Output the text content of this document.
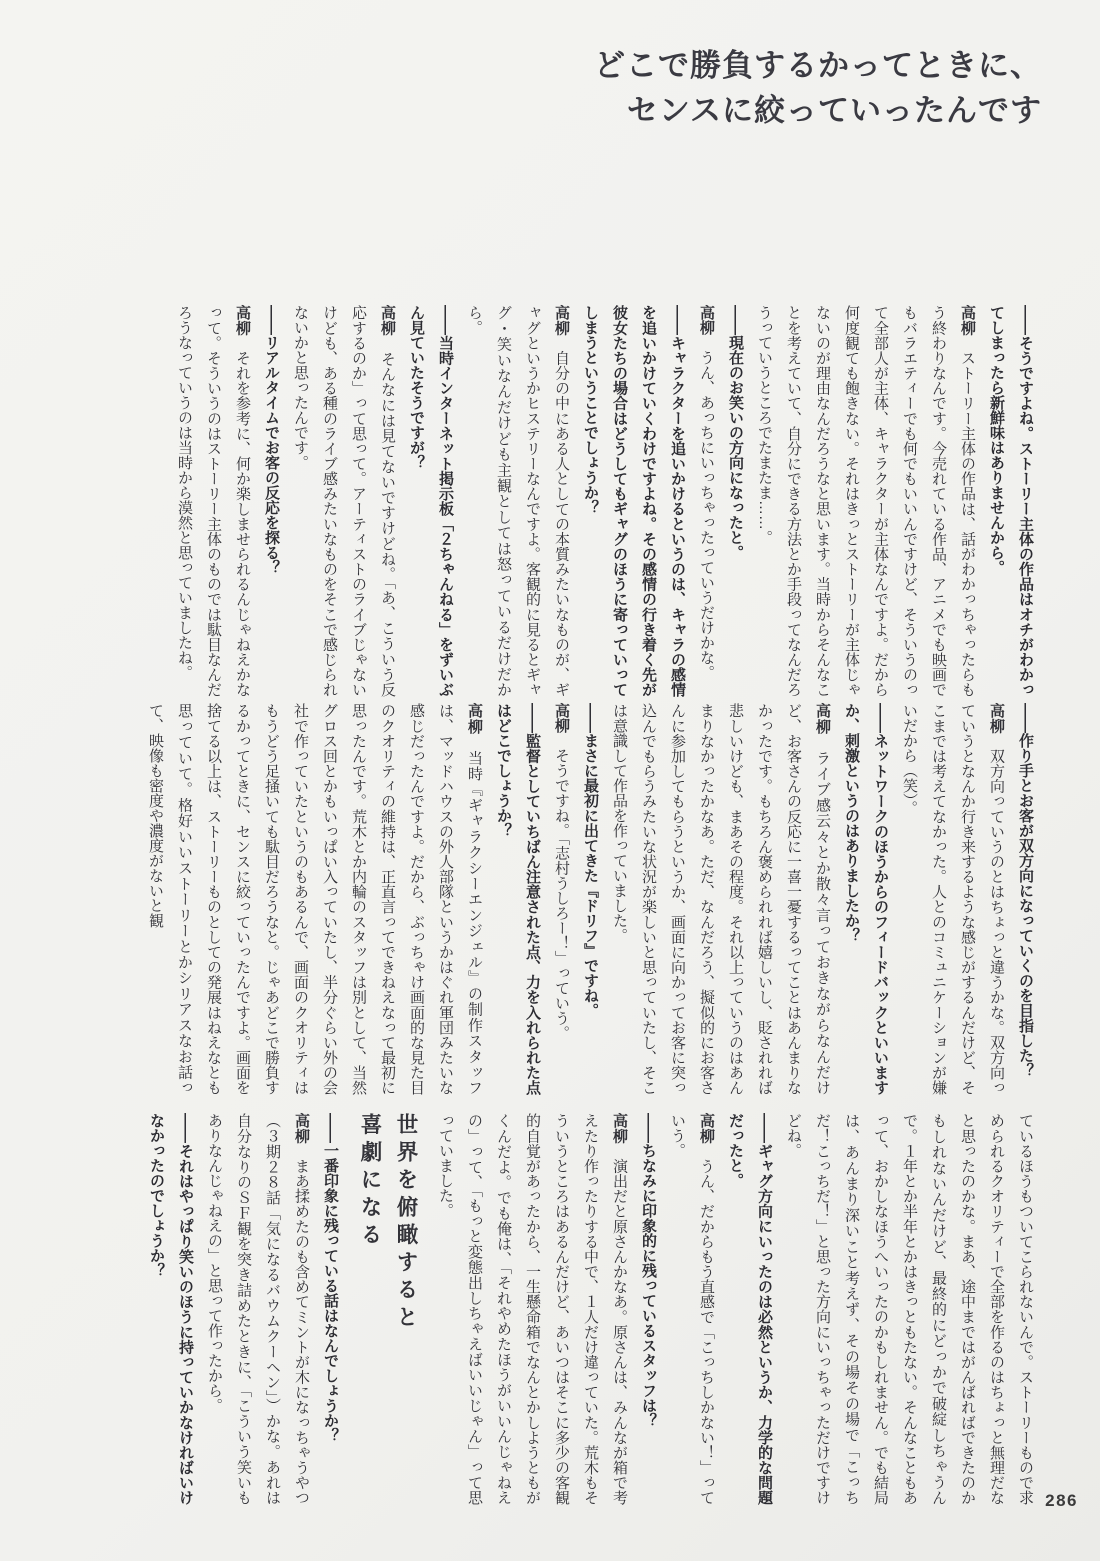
どこで勝負するかってときに、
センスに絞っていったんです

――そうですよね。ストーリー主体の作品はオチがわかってしまったら新鮮味はありませんから。

高柳　ストーリー主体の作品は、話がわかっちゃったらもう終わりなんです。今売れている作品、アニメでも映画でもバラエティーでも何でもいいんですけど、そういうのって全部人が主体、キャラクターが主体なんですよ。だから何度観ても飽きない。それはきっとストーリーが主体じゃないのが理由なんだろうなと思います。当時からそんなことを考えていて、自分にできる方法とか手段ってなんだろうっていうところでたまたま……。

――現在のお笑いの方向になったと。

高柳　うん、あっちにいっちゃったっていうだけかな。

――キャラクターを追いかけるというのは、キャラの感情を追いかけていくわけですよね。その感情の行き着く先が彼女たちの場合はどうしてもギャグのほうに寄っていってしまうということでしょうか？

高柳　自分の中にある人としての本質みたいなものが、ギャグというかヒステリーなんですよ。客観的に見るとギャグ・笑いなんだけども主観としては怒っているだけだから。

――当時インターネット掲示板「２ちゃんねる」をずいぶん見ていたそうですが？

高柳　そんなには見てないですけどね。「あ、こういう反応するのか」って思って。アーティストのライブじゃないけども、ある種のライブ感みたいなものをそこで感じられないかと思ったんです。

――リアルタイムでお客の反応を探る？

高柳　それを参考に、何か楽しませられるんじゃねえかなって。そういうのはストーリー主体のものでは駄目なんだろうなっていうのは当時から漠然と思っていましたね。

――作り手とお客が双方向になっていくのを目指した？

高柳　双方向っていうのとはちょっと違うかな。双方向っていうとなんか行き来するような感じがするんだけど、そこまでは考えてなかった。人とのコミュニケーションが嫌いだから（笑）。

――ネットワークのほうからのフィードバックといいますか、刺激というのはありましたか？

高柳　ライブ感云々とか散々言っておきながらなんだけど、お客さんの反応に一喜一憂するってことはあんまりなかったです。もちろん褒められれば嬉しいし、貶されれば悲しいけども、まあその程度。それ以上っていうのはあんまりなかったかなあ。ただ、なんだろう、擬似的にお客さんに参加してもらうというか、画面に向かってお客に突っ込んでもらうみたいな状況が楽しいと思っていたし、そこは意識して作品を作っていました。

――まさに最初に出てきた『ドリフ』ですね。

高柳　そうですね。「志村うしろー！」っていう。

――監督としていちばん注意された点、力を入れられた点はどこでしょうか？

高柳　当時『ギャラクシーエンジェル』の制作スタッフは、マッドハウスの外人部隊というかはぐれ軍団みたいな感じだったんですよ。だから、ぶっちゃけ画面的な見た目のクオリティの維持は、正直言ってできねえなって最初に思ったんです。荒木とか内輪のスタッフは別として、当然グロス回とかもいっぱい入っていたし、半分ぐらい外の会社で作っていたというのもあるんで、画面のクオリティはもうどう足掻いても駄目だろうなと。じゃあどこで勝負するかってときに、センスに絞っていったんですよ。画面を捨てる以上は、ストーリーものとしての発展はねえなとも思っていて。格好いいストーリーとかシリアスなお話って、映像も密度や濃度がないと観

ているほうもついてこられないんで。ストーリーもので求められるクオリティーで全部を作るのはちょっと無理だなと思ったのかな。まあ、途中まではがんばればできたのかもしれないんだけど、最終的にどっかで破綻しちゃうんで。１年とか半年とかはきっともたない。そんなこともあって、おかしなほうへいったのかもしれません。でも結局は、あんまり深いこと考えず、その場その場で「こっちだ！こっちだ！」と思った方向にいっちゃっただけですけどね。

――ギャグ方向にいったのは必然というか、力学的な問題だったと。

高柳　うん、だからもう直感で「こっちしかない！」っていう。

――ちなみに印象的に残っているスタッフは？

高柳　演出だと原さんかなあ。原さんは、みんなが箱で考えたり作ったりする中で、１人だけ違っていた。荒木もそういうところはあるんだけど、あいつはそこに多少の客観的自覚があったから、一生懸命箱でなんとかしようともがくんだよ。でも俺は、「それやめたほうがいいんじゃねえの」って、「もっと変態出しちゃえばいいじゃん」って思っていました。

世界を俯瞰すると
喜劇になる

――一番印象に残っている話はなんでしょうか？

高柳　まあ揉めたのも含めてミントが木になっちゃうやつ（３期２８話「気になるバウムクーヘン」）かな。あれは自分なりのＳＦ観を突き詰めたときに、「こういう笑いもありなんじゃねえの」と思って作ったから。

――それはやっぱり笑いのほうに持っていかなければいけなかったのでしょうか？

286
